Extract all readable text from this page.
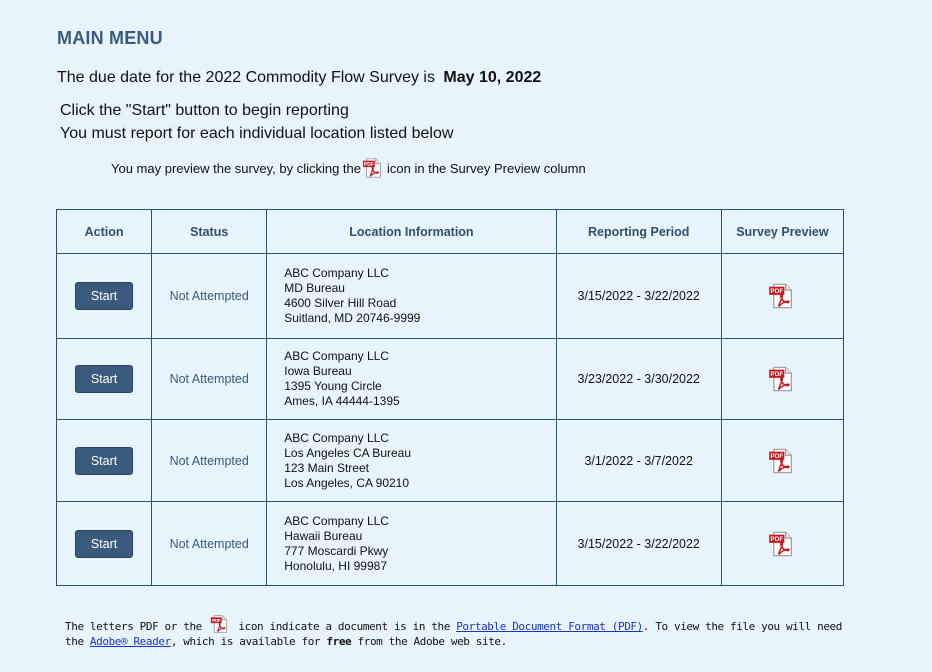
MAIN MENU
The due date for the 2022 Commodity Flow Survey is May 10, 2022
Click the "Start" button to begin reporting
You must report for each individual location listed below
You may preview the survey, by clicking the icon in the Survey Preview column
Action	Status	Location Information	Reporting Period	Survey Preview
Start	Not Attempted	ABC Company LLC
MD Bureau
4600 Silver Hill Road
Suitland, MD 20746-9999	3/15/2022 - 3/22/2022	
Start	Not Attempted	ABC Company LLC
Iowa Bureau
1395 Young Circle
Ames, IA 44444-1395	3/23/2022 - 3/30/2022	
Start	Not Attempted	ABC Company LLC
Los Angeles CA Bureau
123 Main Street
Los Angeles, CA 90210	3/1/2022 - 3/7/2022	
Start	Not Attempted	ABC Company LLC
Hawaii Bureau
777 Moscardi Pkwy
Honolulu, HI 99987	3/15/2022 - 3/22/2022	
The letters PDF or the	icon indicate a document is in the Portable Document Format (PDF). To view the file you will need the Adobe® Reader, which is available for free from the Adobe web site.
